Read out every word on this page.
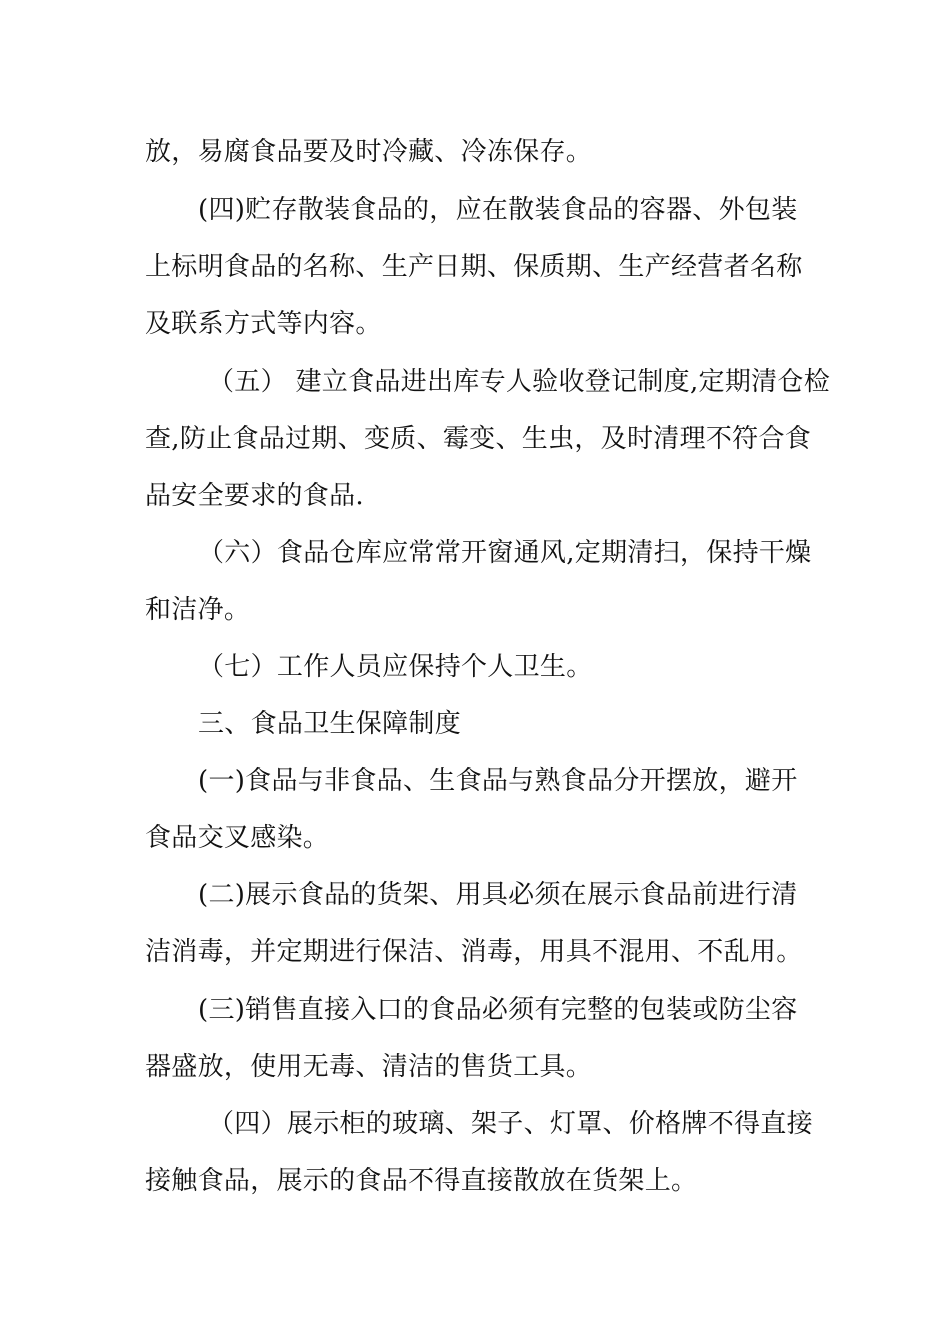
放，易腐食品要及时冷藏、冷冻保存。
(四)贮存散装食品的，应在散装食品的容器、外包装
上标明食品的名称、生产日期、保质期、生产经营者名称
及联系方式等内容。
（五） 建立食品进出库专人验收登记制度,定期清仓检
查,防止食品过期、变质、霉变、生虫，及时清理不符合食
品安全要求的食品.
（六）食品仓库应常常开窗通风,定期清扫，保持干燥
和洁净。
（七）工作人员应保持个人卫生。
三、食品卫生保障制度
(一)食品与非食品、生食品与熟食品分开摆放，避开
食品交叉感染。
(二)展示食品的货架、用具必须在展示食品前进行清
洁消毒，并定期进行保洁、消毒，用具不混用、不乱用。
(三)销售直接入口的食品必须有完整的包装或防尘容
器盛放，使用无毒、清洁的售货工具。
（四）展示柜的玻璃、架子、灯罩、价格牌不得直接
接触食品，展示的食品不得直接散放在货架上。
